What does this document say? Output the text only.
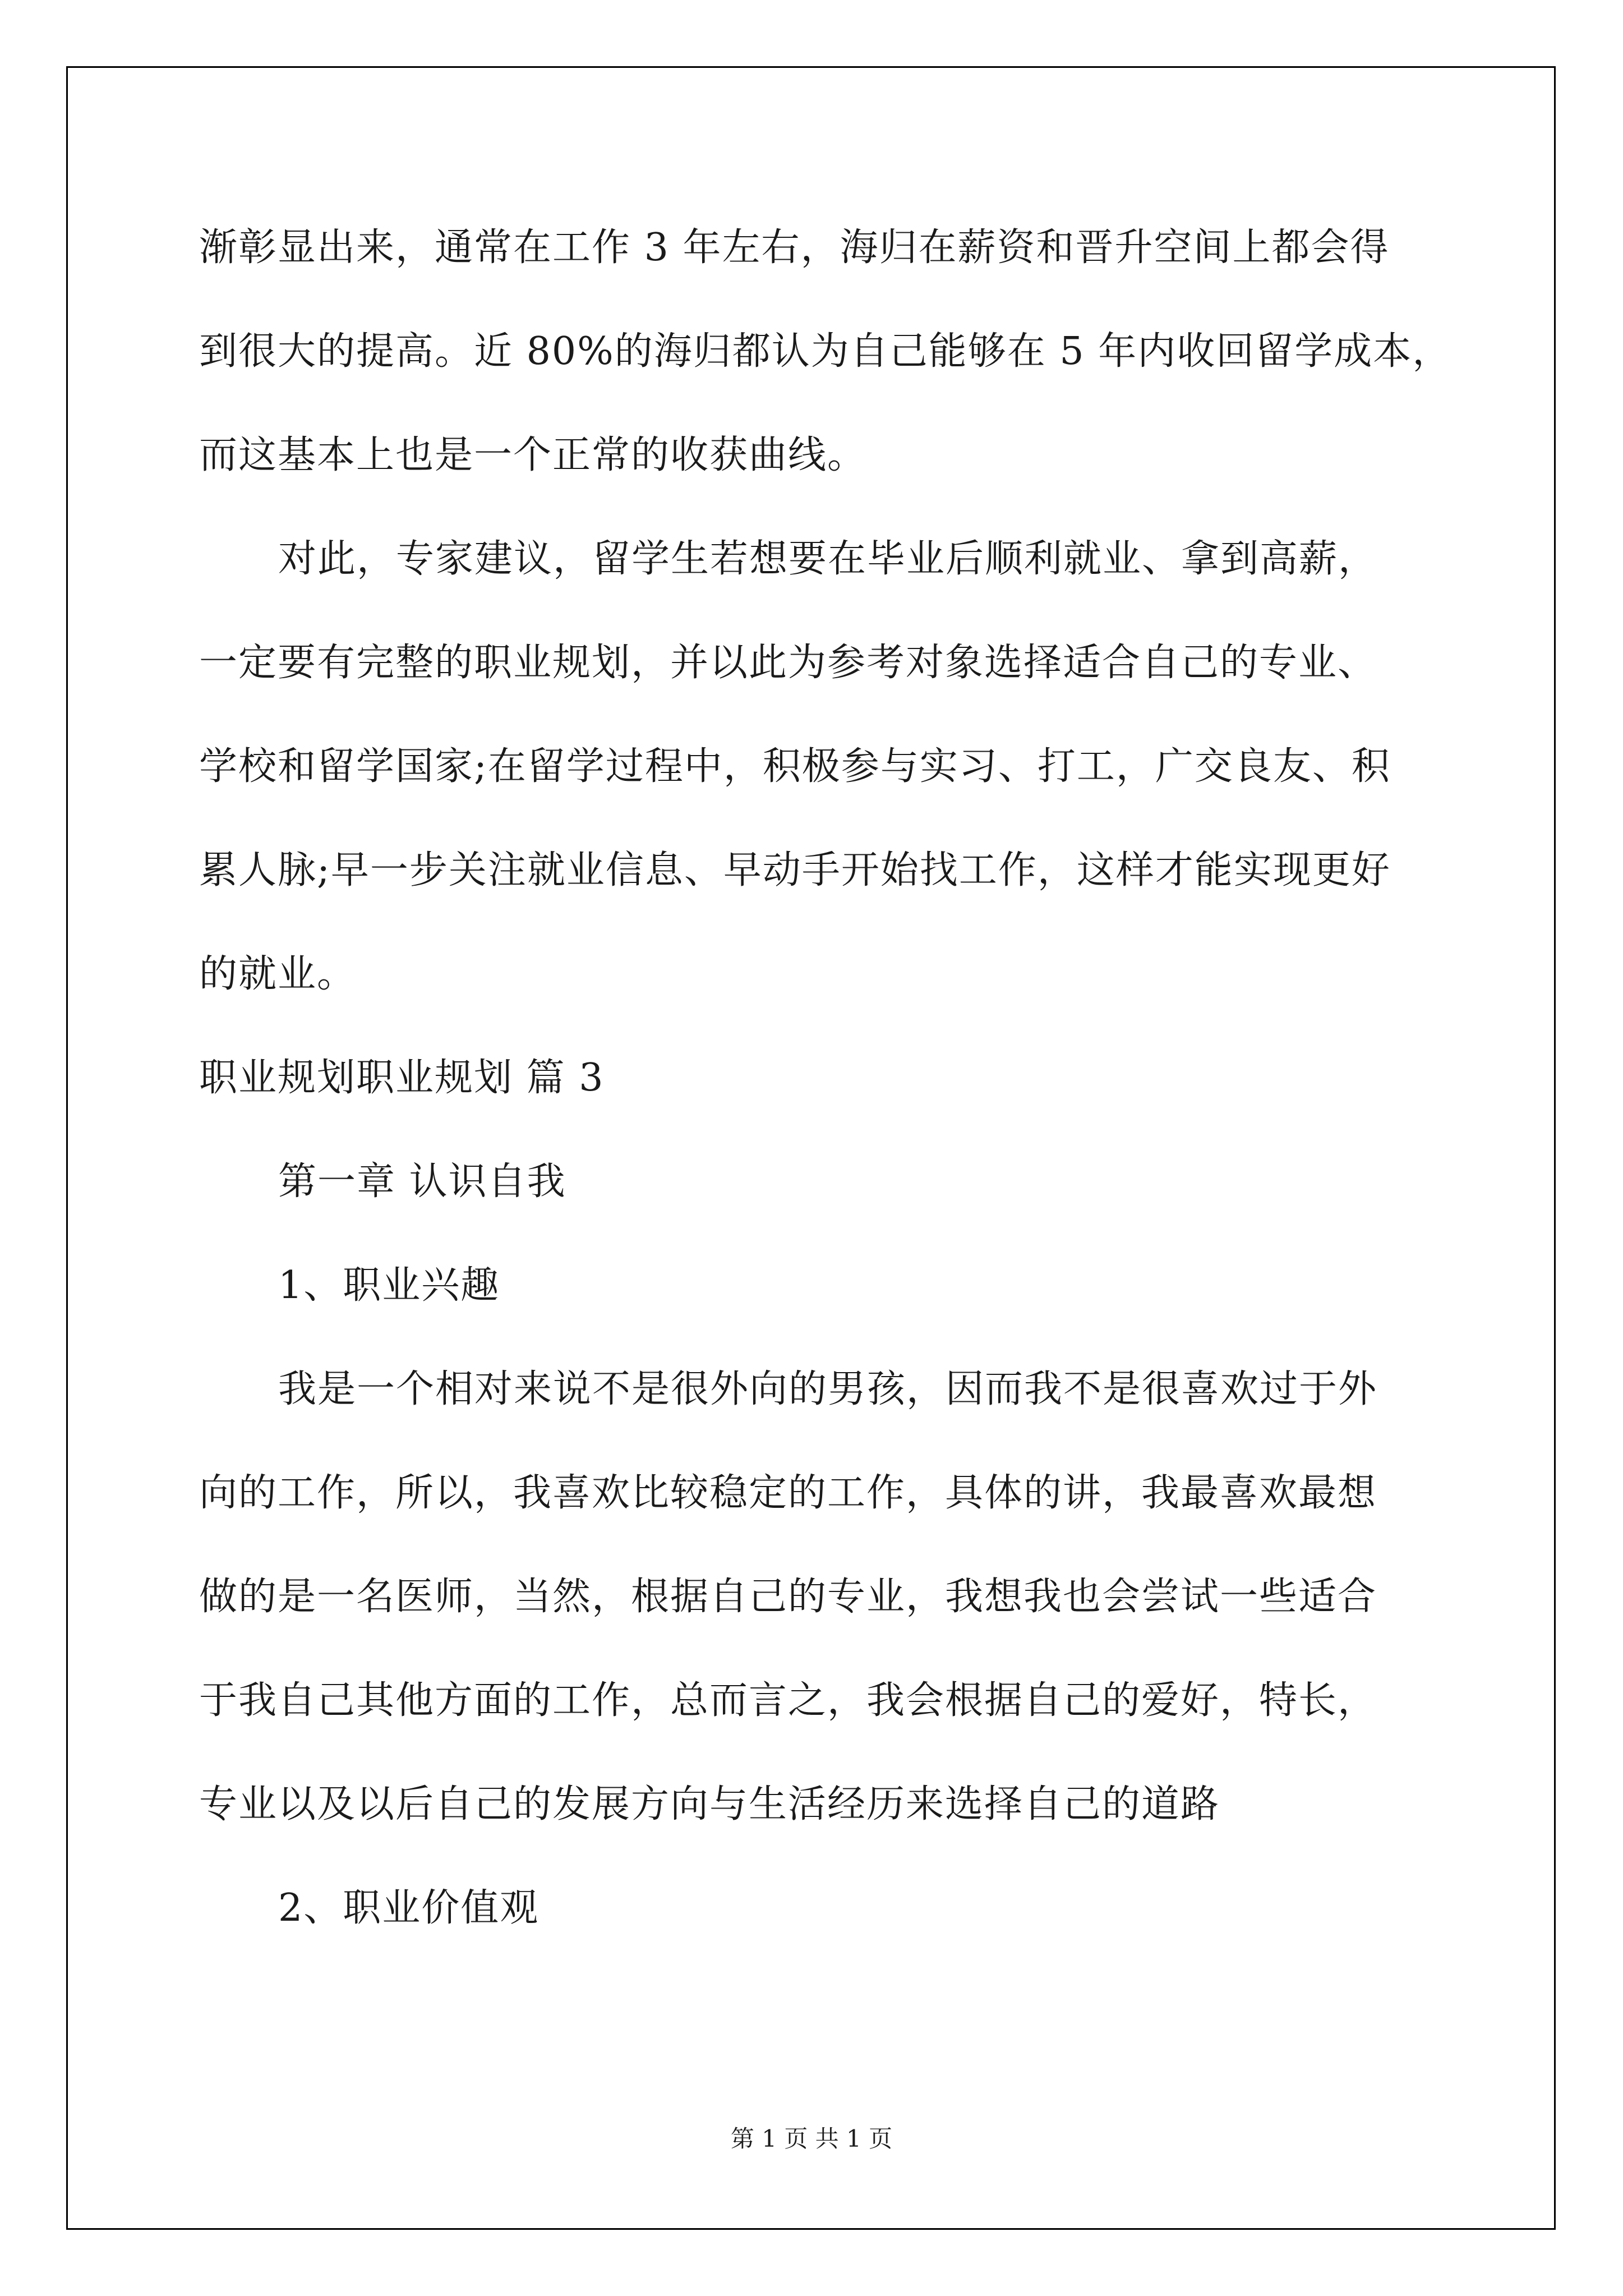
渐彰显出来，通常在工作 3 年左右，海归在薪资和晋升空间上都会得

到很大的提高。近 80%的海归都认为自己能够在 5 年内收回留学成本，

而这基本上也是一个正常的收获曲线。

对此，专家建议，留学生若想要在毕业后顺利就业、拿到高薪，

一定要有完整的职业规划，并以此为参考对象选择适合自己的专业、

学校和留学国家;在留学过程中，积极参与实习、打工，广交良友、积

累人脉;早一步关注就业信息、早动手开始找工作，这样才能实现更好

的就业。

职业规划职业规划 篇 3

第一章 认识自我

1、职业兴趣

我是一个相对来说不是很外向的男孩，因而我不是很喜欢过于外

向的工作，所以，我喜欢比较稳定的工作，具体的讲，我最喜欢最想

做的是一名医师，当然，根据自己的专业，我想我也会尝试一些适合

于我自己其他方面的工作，总而言之，我会根据自己的爱好，特长，

专业以及以后自己的发展方向与生活经历来选择自己的道路

2、职业价值观

第 1 页 共 1 页
